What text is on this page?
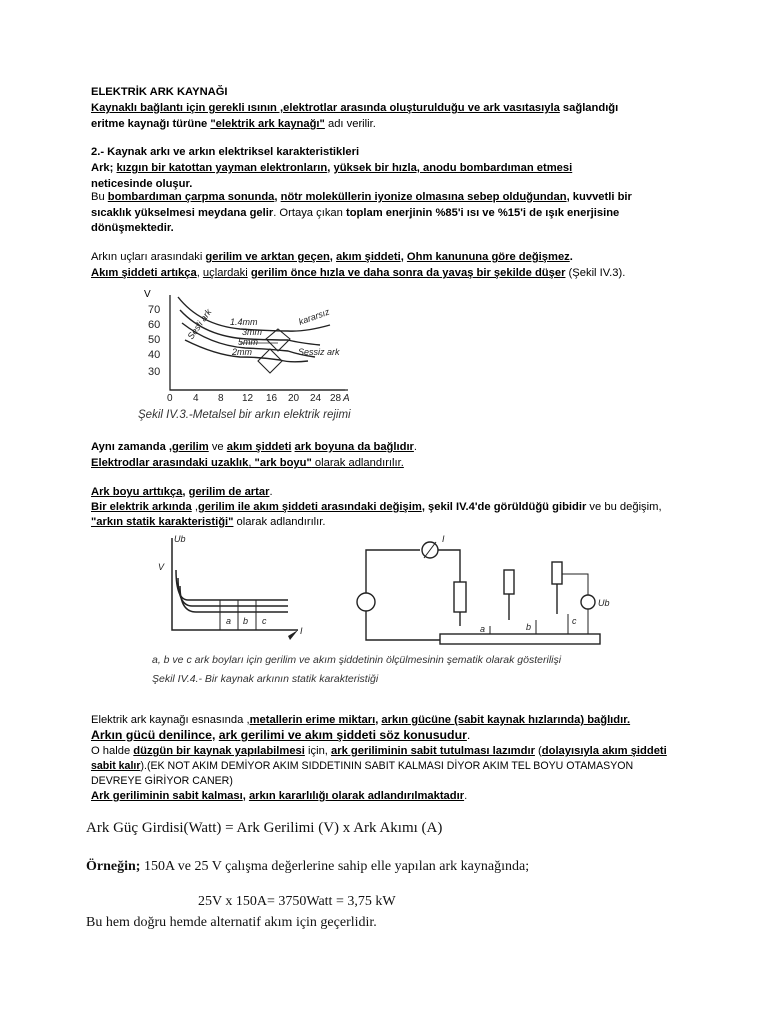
ELEKTRİK ARK KAYNAĞI
Kaynaklı bağlantı için gerekli ısının ,elektrotlar arasında oluşturulduğu ve ark vasıtasıyla sağlandığı
eritme kaynağı türüne "elektrik ark kaynağı" adı verilir.
2.- Kaynak arkı ve arkın elektriksel karakteristikleri
Ark; kızgın bir katottan yayman elektronların, yüksek bir hızla, anodu bombardıman etmesi
neticesinde oluşur.
Bu bombardıman çarpma sonunda, nötr moleküllerin iyonize olmasına sebep olduğundan, kuvvetli bir
sıcaklık yükselmesi meydana gelir. Ortaya çıkan toplam enerjinin %85'i ısı ve %15'i de ışık enerjisine
dönüşmektedir.
Arkın uçları arasındaki gerilim ve arktan geçen, akım şiddeti, Ohm kanununa göre değişmez.
Akım şiddeti artıkça, uçlardaki gerilim önce hızla ve daha sonra da yavaş bir şekilde düşer (Şekil IV.3).
V
70
60
50
40
30
0 4 8 12 16 20 24 28 A
1.4mm
3mm
5mm
2mm
Sesli ark	kararsız
Sessiz ark
Şekil IV.3.-Metalsel bir arkın elektrik rejimi
Aynı zamanda ,gerilim ve akım şiddeti ark boyuna da bağlıdır.
Elektrodlar arasındaki uzaklık, "ark boyu" olarak adlandırılır.
Ark boyu arttıkça, gerilim de artar.
Bir elektrik arkında ,gerilim ile akım şiddeti arasındaki değişim, şekil IV.4'de görüldüğü gibidir ve bu değişim,
"arkın statik karakteristiği" olarak adlandırılır.
Ub
V
I
a b c
I
a	b
c
Ub
a, b ve c ark boyları için gerilim ve akım şiddetinin ölçülmesinin şematik olarak gösterilişi
Şekil IV.4.- Bir kaynak arkının statik karakteristiği
Elektrik ark kaynağı esnasında ,metallerin erime miktarı, arkın gücüne (sabit kaynak hızlarında) bağlıdır.
Arkın gücü denilince, ark gerilimi ve akım şiddeti söz konusudur.
O halde düzgün bir kaynak yapılabilmesi için, ark geriliminin sabit tutulması lazımdır (dolayısıyla akım şiddeti
sabit kalır).(EK NOT AKIM DEMİYOR AKIM SIDDETININ SABIT KALMASI DİYOR AKIM TEL BOYU OTAMASYON
DEVREYE GİRİYOR CANER)
Ark geriliminin sabit kalması, arkın kararlılığı olarak adlandırılmaktadır.
Ark Güç Girdisi(Watt) = Ark Gerilimi (V) x Ark Akımı (A)
Örneğin; 150A ve 25 V çalışma değerlerine sahip elle yapılan ark kaynağında;
25V x 150A= 3750Watt = 3,75 kW
Bu hem doğru hemde alternatif akım için geçerlidir.
